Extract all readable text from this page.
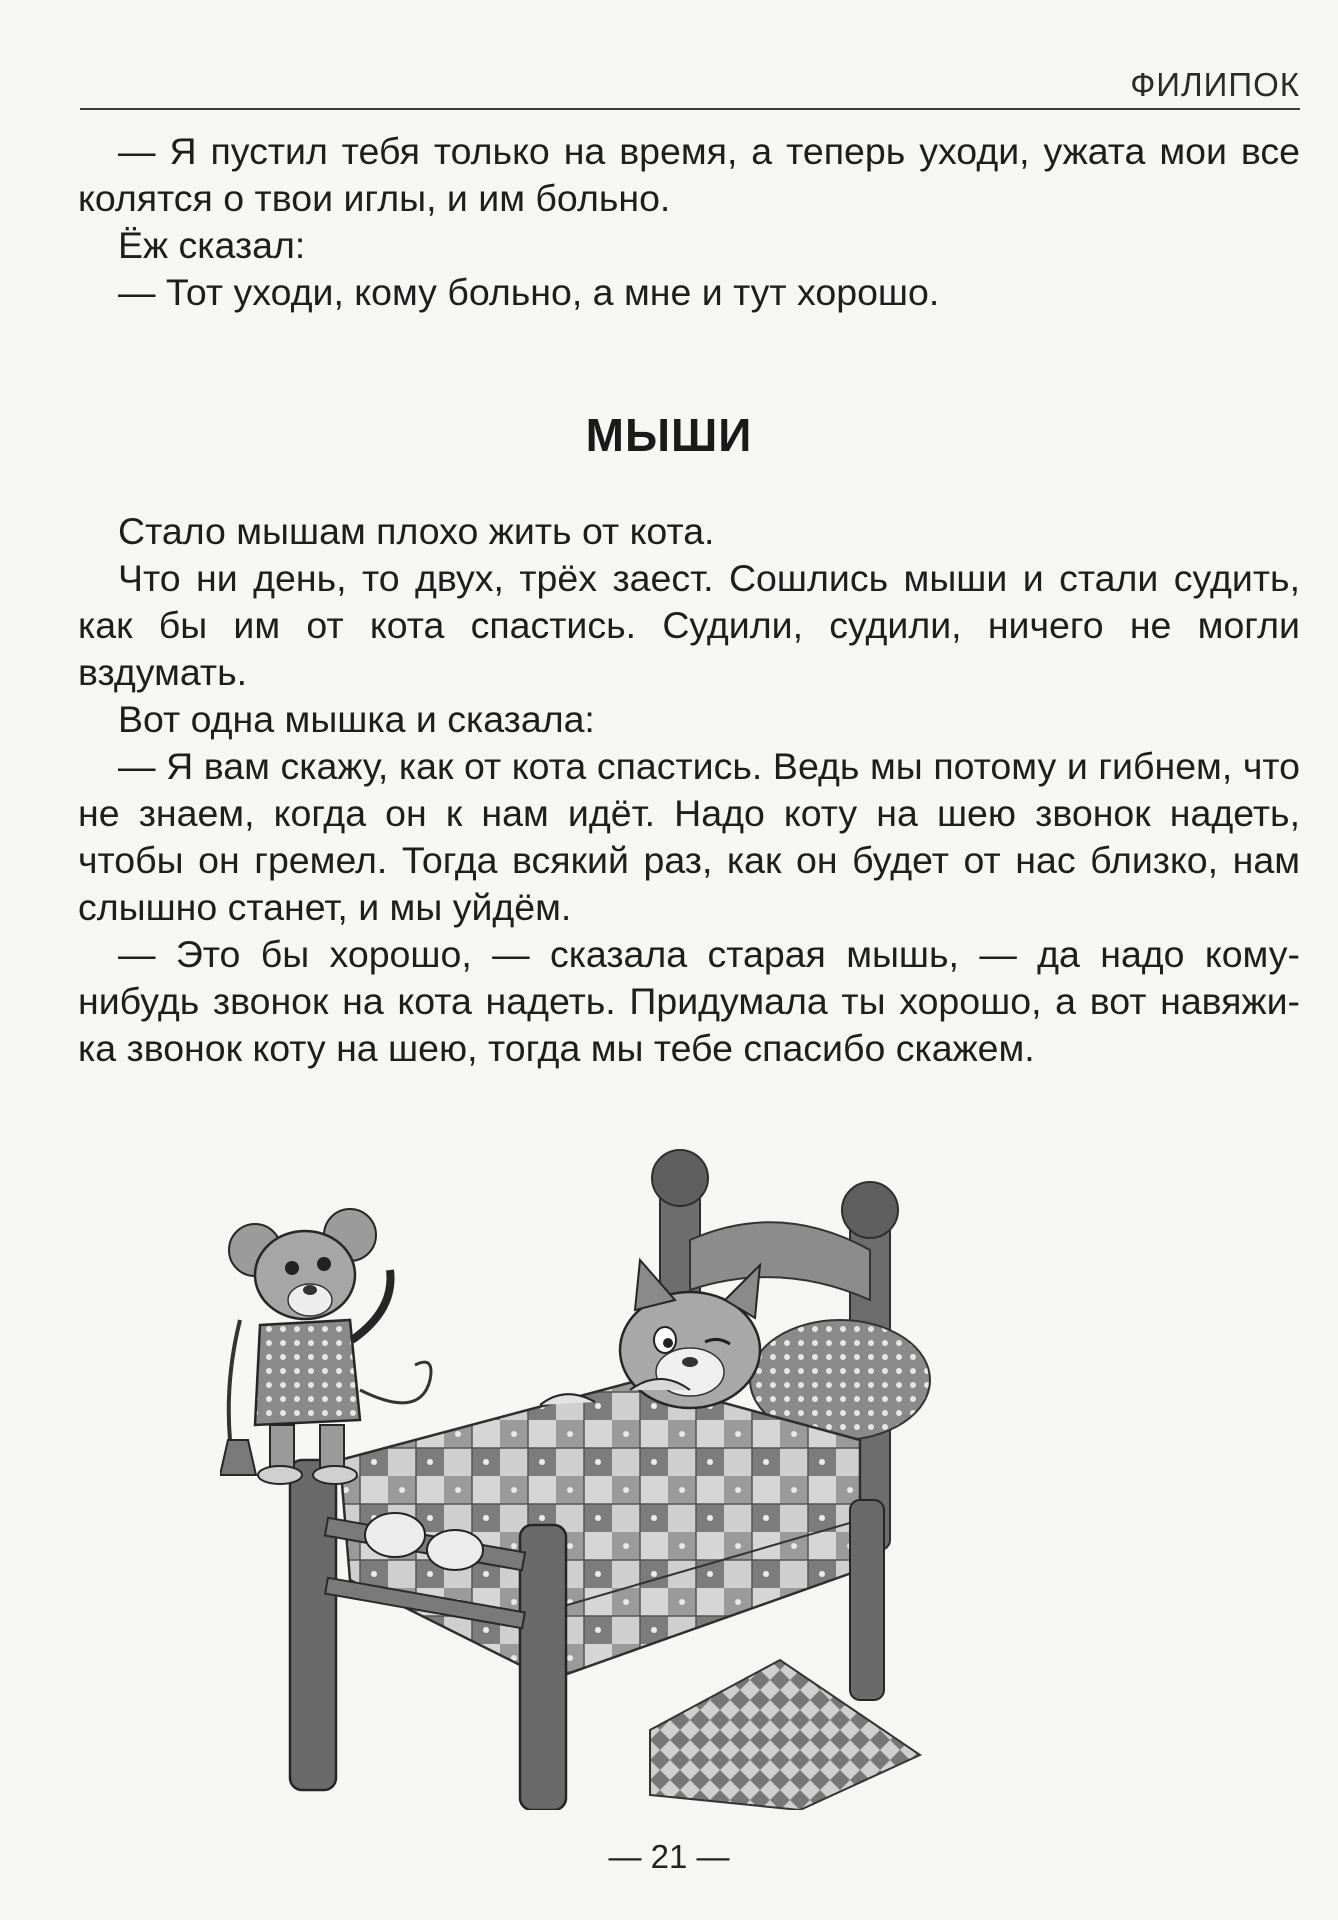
ФИЛИПОК

— Я пустил тебя только на время, а теперь уходи, ужата мои все колятся о твои иглы, и им больно.

Ёж сказал:

— Тот уходи, кому больно, а мне и тут хорошо.

МЫШИ

Стало мышам плохо жить от кота.

Что ни день, то двух, трёх заест. Сошлись мыши и стали судить, как бы им от кота спастись. Судили, судили, ничего не могли вздумать.

Вот одна мышка и сказала:

— Я вам скажу, как от кота спастись. Ведь мы потому и гибнем, что не знаем, когда он к нам идёт. Надо коту на шею звонок надеть, чтобы он гремел. Тогда всякий раз, как он будет от нас близко, нам слышно станет, и мы уйдём.

— Это бы хорошо, — сказала старая мышь, — да надо кому-нибудь звонок на кота надеть. Придумала ты хорошо, а вот навяжи-ка звонок коту на шею, тогда мы тебе спасибо скажем.

— 21 —
